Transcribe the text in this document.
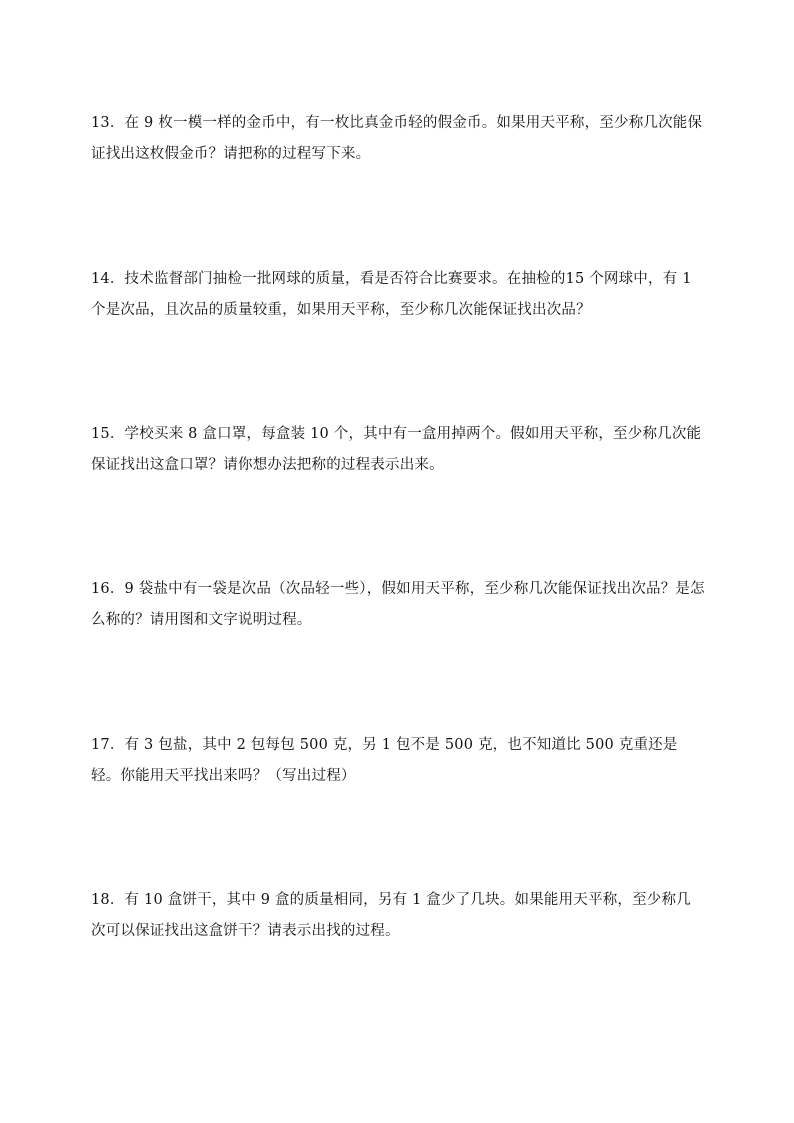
13．在 9 枚一模一样的金币中，有一枚比真金币轻的假金币。如果用天平称，至少称几次能保证找出这枚假金币？请把称的过程写下来。

14．技术监督部门抽检一批网球的质量，看是否符合比赛要求。在抽检的15 个网球中，有 1 个是次品，且次品的质量较重，如果用天平称，至少称几次能保证找出次品？

15．学校买来 8 盒口罩，每盒装 10 个，其中有一盒用掉两个。假如用天平称，至少称几次能保证找出这盒口罩？请你想办法把称的过程表示出来。

16．9 袋盐中有一袋是次品（次品轻一些），假如用天平称，至少称几次能保证找出次品？是怎么称的？请用图和文字说明过程。

17．有 3 包盐，其中 2 包每包 500 克，另 1 包不是 500 克，也不知道比 500 克重还是轻。你能用天平找出来吗？（写出过程）

18．有 10 盒饼干，其中 9 盒的质量相同，另有 1 盒少了几块。如果能用天平称，至少称几次可以保证找出这盒饼干？请表示出找的过程。
